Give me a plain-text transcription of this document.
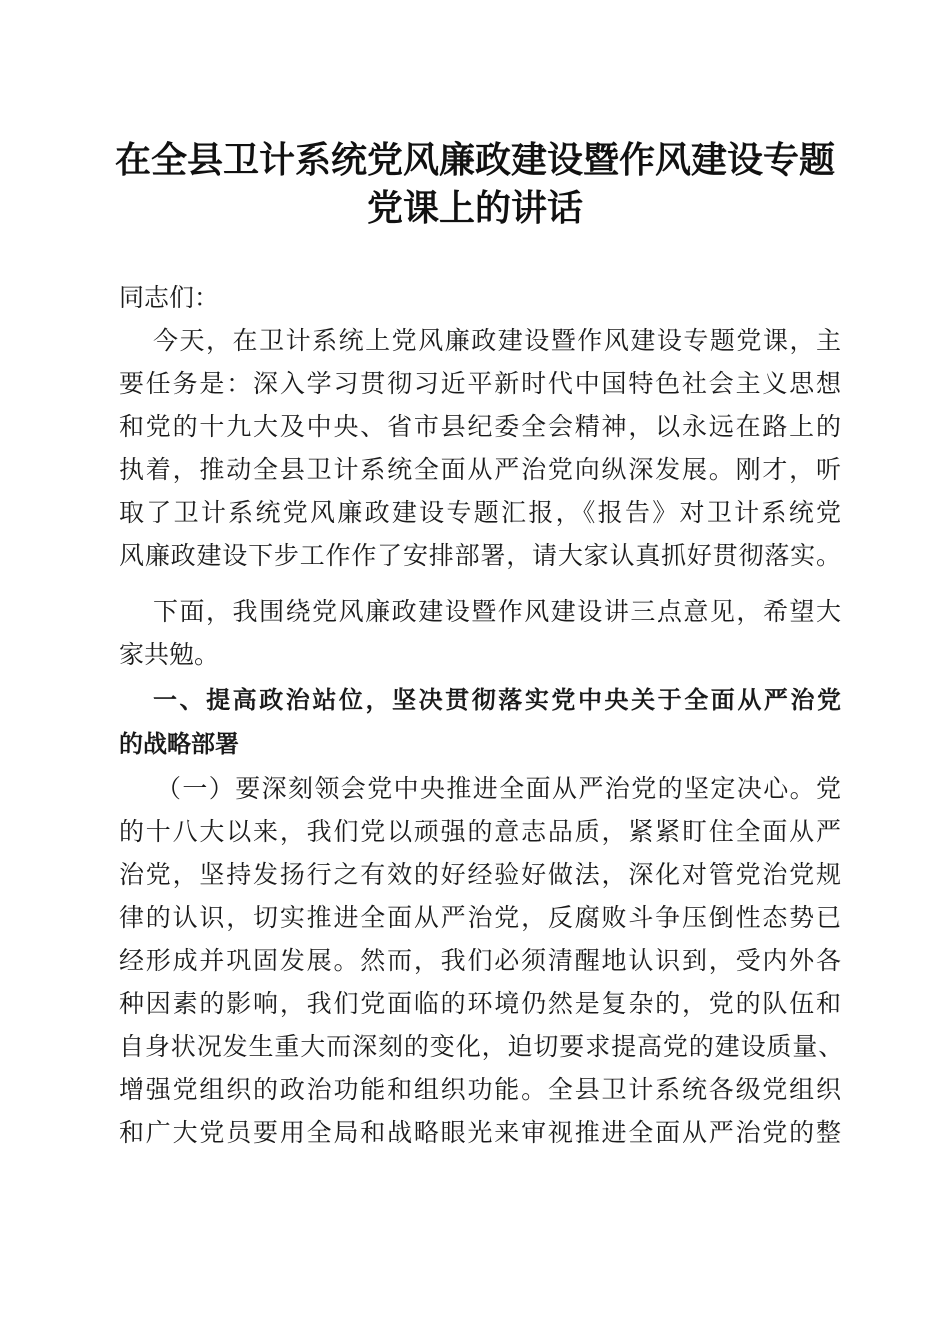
在全县卫计系统党风廉政建设暨作风建设专题
党课上的讲话
同志们：
今天，在卫计系统上党风廉政建设暨作风建设专题党课，主
要任务是：深入学习贯彻习近平新时代中国特色社会主义思想
和党的十九大及中央、省市县纪委全会精神，以永远在路上的
执着，推动全县卫计系统全面从严治党向纵深发展。刚才，听
取了卫计系统党风廉政建设专题汇报，《报告》对卫计系统党
风廉政建设下步工作作了安排部署，请大家认真抓好贯彻落实。
下面，我围绕党风廉政建设暨作风建设讲三点意见，希望大
家共勉。
一、提高政治站位，坚决贯彻落实党中央关于全面从严治党
的战略部署
（一）要深刻领会党中央推进全面从严治党的坚定决心。党
的十八大以来，我们党以顽强的意志品质，紧紧盯住全面从严
治党，坚持发扬行之有效的好经验好做法，深化对管党治党规
律的认识，切实推进全面从严治党，反腐败斗争压倒性态势已
经形成并巩固发展。然而，我们必须清醒地认识到，受内外各
种因素的影响，我们党面临的环境仍然是复杂的，党的队伍和
自身状况发生重大而深刻的变化，迫切要求提高党的建设质量、
增强党组织的政治功能和组织功能。全县卫计系统各级党组织
和广大党员要用全局和战略眼光来审视推进全面从严治党的整
